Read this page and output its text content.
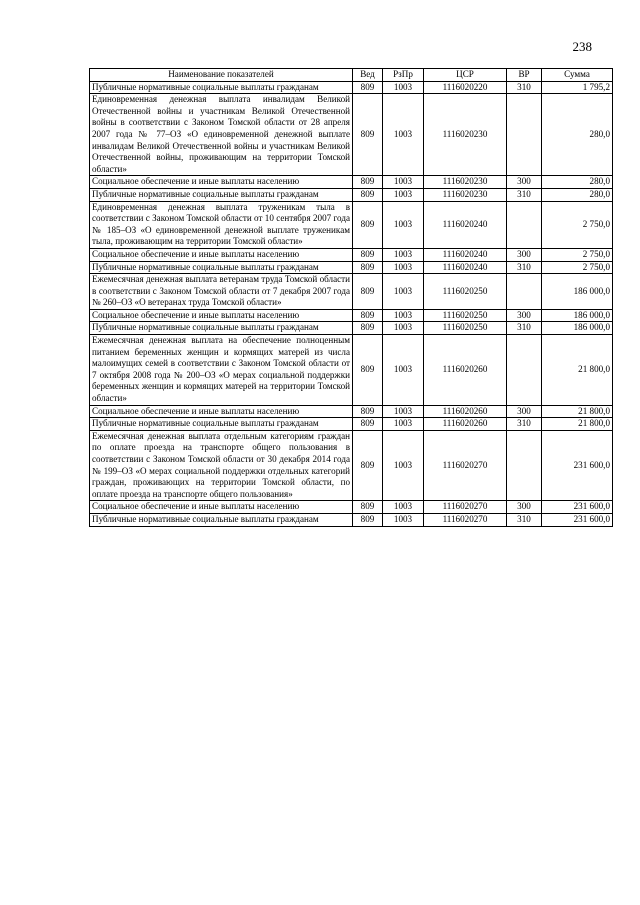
238
Наименование показателей	Вед	РзПр	ЦСР	ВР	Сумма
Публичные нормативные социальные выплаты гражданам	809	1003	1116020220	310	1 795,2
Единовременная денежная выплата инвалидам Великой Отечественной войны и участникам Великой Отечественной войны в соответствии с Законом Томской области от 28 апреля 2007 года № 77–ОЗ «О единовременной денежной выплате инвалидам Великой Отечественной войны и участникам Великой Отечественной войны, проживающим на территории Томской области»	809	1003	1116020230		280,0
Социальное обеспечение и иные выплаты населению	809	1003	1116020230	300	280,0
Публичные нормативные социальные выплаты гражданам	809	1003	1116020230	310	280,0
Единовременная денежная выплата труженикам тыла в соответствии с Законом Томской области от 10 сентября 2007 года № 185–ОЗ «О единовременной денежной выплате труженикам тыла, проживающим на территории Томской области»	809	1003	1116020240		2 750,0
Социальное обеспечение и иные выплаты населению	809	1003	1116020240	300	2 750,0
Публичные нормативные социальные выплаты гражданам	809	1003	1116020240	310	2 750,0
Ежемесячная денежная выплата ветеранам труда Томской области в соответствии с Законом Томской области от 7 декабря 2007 года № 260–ОЗ «О ветеранах труда Томской области»	809	1003	1116020250		186 000,0
Социальное обеспечение и иные выплаты населению	809	1003	1116020250	300	186 000,0
Публичные нормативные социальные выплаты гражданам	809	1003	1116020250	310	186 000,0
Ежемесячная денежная выплата на обеспечение полноценным питанием беременных женщин и кормящих матерей из числа малоимущих семей в соответствии с Законом Томской области от 7 октября 2008 года № 200–ОЗ «О мерах социальной поддержки беременных женщин и кормящих матерей на территории Томской области»	809	1003	1116020260		21 800,0
Социальное обеспечение и иные выплаты населению	809	1003	1116020260	300	21 800,0
Публичные нормативные социальные выплаты гражданам	809	1003	1116020260	310	21 800,0
Ежемесячная денежная выплата отдельным категориям граждан по оплате проезда на транспорте общего пользования в соответствии с Законом Томской области от 30 декабря 2014 года № 199–ОЗ «О мерах социальной поддержки отдельных категорий граждан, проживающих на территории Томской области, по оплате проезда на транспорте общего пользования»	809	1003	1116020270		231 600,0
Социальное обеспечение и иные выплаты населению	809	1003	1116020270	300	231 600,0
Публичные нормативные социальные выплаты гражданам	809	1003	1116020270	310	231 600,0
